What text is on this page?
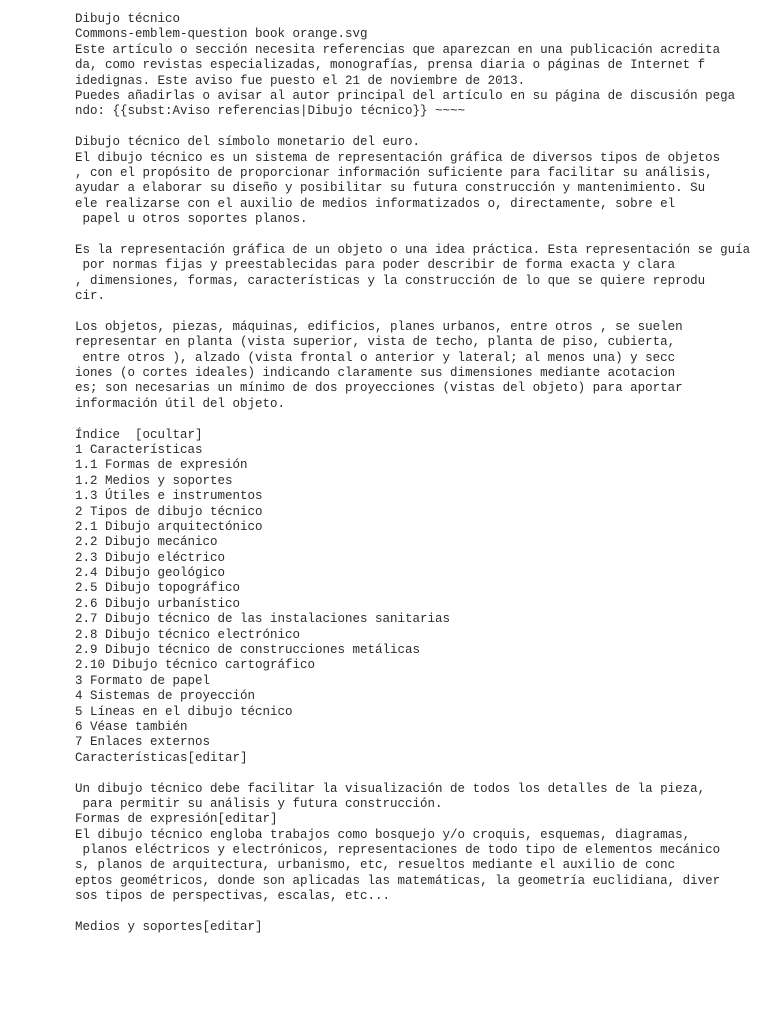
Dibujo técnico
Commons-emblem-question book orange.svg
Este artículo o sección necesita referencias que aparezcan en una publicación acredita
da, como revistas especializadas, monografías, prensa diaria o páginas de Internet f
idedignas. Este aviso fue puesto el 21 de noviembre de 2013.
Puedes añadirlas o avisar al autor principal del artículo en su página de discusión pega
ndo: {{subst:Aviso referencias|Dibujo técnico}} ~~~~
Dibujo técnico del símbolo monetario del euro.
El dibujo técnico es un sistema de representación gráfica de diversos tipos de objetos
, con el propósito de proporcionar información suficiente para facilitar su análisis,
ayudar a elaborar su diseño y posibilitar su futura construcción y mantenimiento. Su
ele realizarse con el auxilio de medios informatizados o, directamente, sobre el
papel u otros soportes planos.
Es la representación gráfica de un objeto o una idea práctica. Esta representación se guía
por normas fijas y preestablecidas para poder describir de forma exacta y clara
, dimensiones, formas, características y la construcción de lo que se quiere reprodu
cir.
Los objetos, piezas, máquinas, edificios, planes urbanos, entre otros , se suelen
representar en planta (vista superior, vista de techo, planta de piso, cubierta,
entre otros ), alzado (vista frontal o anterior y lateral; al menos una) y secc
iones (o cortes ideales) indicando claramente sus dimensiones mediante acotacion
es; son necesarias un mínimo de dos proyecciones (vistas del objeto) para aportar
información útil del objeto.
Índice  [ocultar]
1 Características
1.1 Formas de expresión
1.2 Medios y soportes
1.3 Útiles e instrumentos
2 Tipos de dibujo técnico
2.1 Dibujo arquitectónico
2.2 Dibujo mecánico
2.3 Dibujo eléctrico
2.4 Dibujo geológico
2.5 Dibujo topográfico
2.6 Dibujo urbanístico
2.7 Dibujo técnico de las instalaciones sanitarias
2.8 Dibujo técnico electrónico
2.9 Dibujo técnico de construcciones metálicas
2.10 Dibujo técnico cartográfico
3 Formato de papel
4 Sistemas de proyección
5 Líneas en el dibujo técnico
6 Véase también
7 Enlaces externos
Características[editar]
Un dibujo técnico debe facilitar la visualización de todos los detalles de la pieza,
para permitir su análisis y futura construcción.
Formas de expresión[editar]
El dibujo técnico engloba trabajos como bosquejo y/o croquis, esquemas, diagramas,
planos eléctricos y electrónicos, representaciones de todo tipo de elementos mecánico
s, planos de arquitectura, urbanismo, etc, resueltos mediante el auxilio de conc
eptos geométricos, donde son aplicadas las matemáticas, la geometría euclidiana, diver
sos tipos de perspectivas, escalas, etc...
Medios y soportes[editar]
